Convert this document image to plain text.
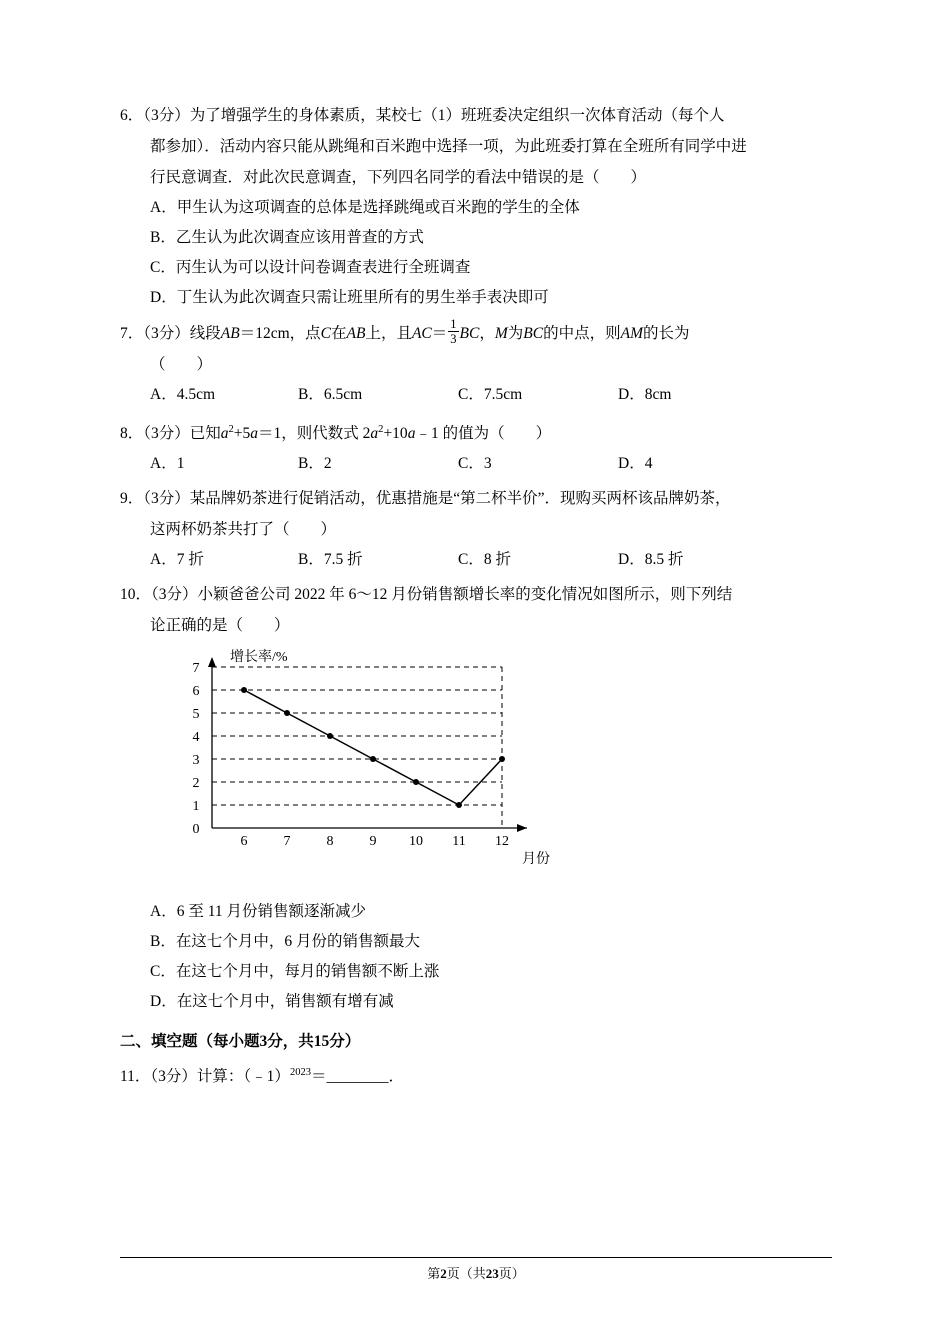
6．（3分）为了增强学生的身体素质，某校七（1）班班委决定组织一次体育活动（每个人
都参加）．活动内容只能从跳绳和百米跑中选择一项，为此班委打算在全班所有同学中进
行民意调查．对此次民意调查，下列四名同学的看法中错误的是（　　）
A．甲生认为这项调查的总体是选择跳绳或百米跑的学生的全体
B．乙生认为此次调查应该用普查的方式
C．丙生认为可以设计问卷调查表进行全班调查
D．丁生认为此次调查只需让班里所有的男生举手表决即可
7．（3分）线段AB＝12cm，点C在AB上，且$AC= \frac{1}{3}$ BC，M为BC的中点，则AM的长为
（　　）
A．4.5cm	B．6.5cm	C．7.5cm	D．8cm
8．（3分）已知$a^2+5a=1$，则代数式 $2a^2+10a﹣1$ 的值为（　　）
A．1	B．2	C．3	D．4
9．（3分）某品牌奶茶进行促销活动，优惠措施是“第二杯半价”．现购买两杯该品牌奶茶，
这两杯奶茶共打了（　　）
A．7 折	B．7.5 折	C．8 折	D．8.5 折
10．（3分）小颖爸爸公司 2022 年 6～12 月份销售额增长率的变化情况如图所示，则下列结
论正确的是（　　）
增长率/%
月份
7
6
5
4
3
2
1
0
6	7	8	9 10 11 12
A．6 至 11 月份销售额逐渐减少
B．在这七个月中，6 月份的销售额最大
C．在这七个月中，每月的销售额不断上涨
D．在这七个月中，销售额有增有减
二、填空题（每小题3分，共15分）
11．（3分）计算：（﹣1）$^{2023}$＝________．
第2页（共23页）
